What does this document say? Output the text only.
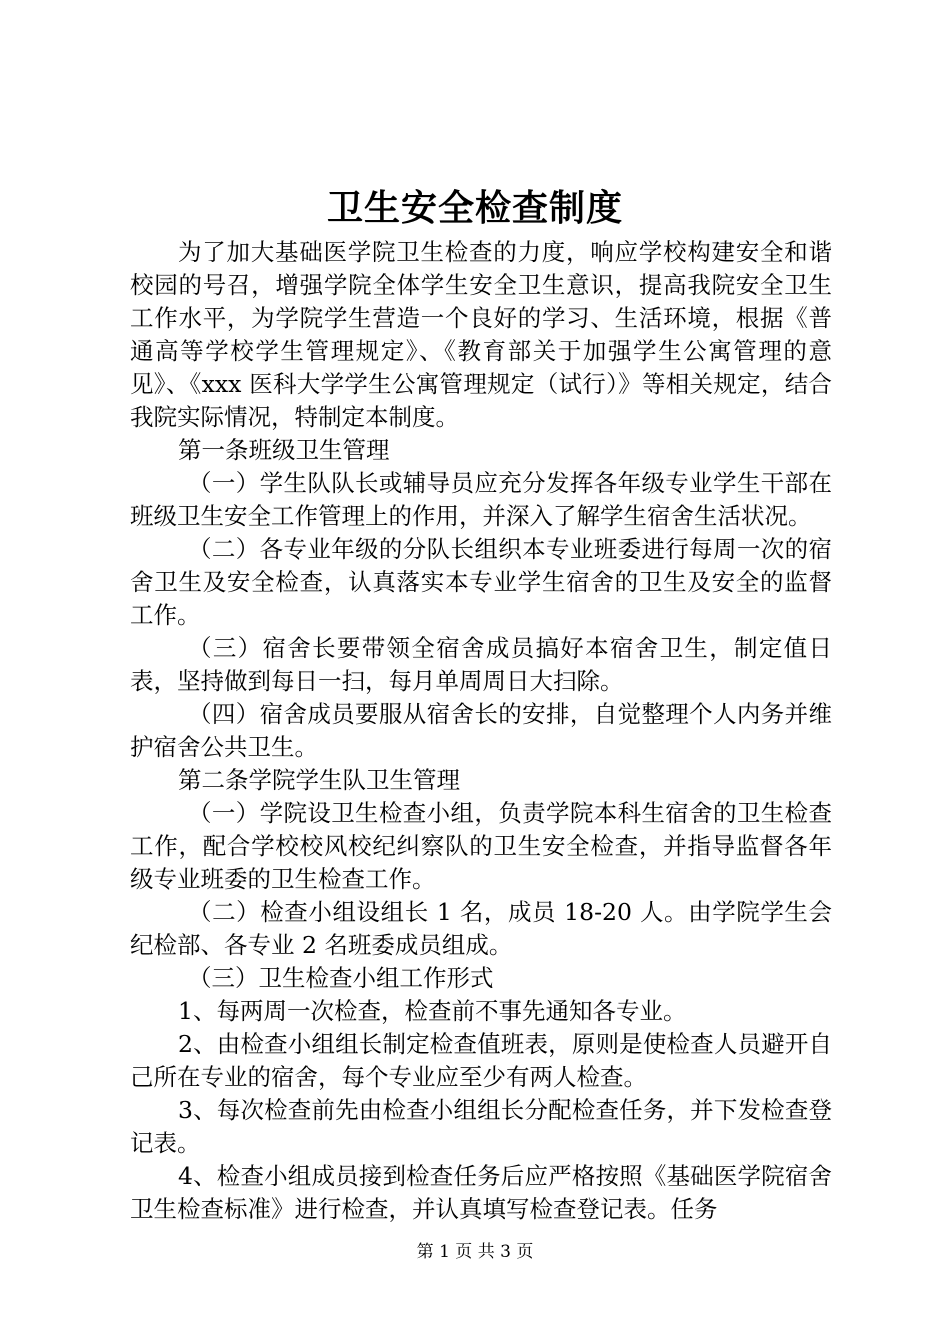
卫生安全检查制度

为了加大基础医学院卫生检查的力度，响应学校构建安全和谐校园的号召，增强学院全体学生安全卫生意识，提高我院安全卫生工作水平，为学院学生营造一个良好的学习、生活环境，根据《普通高等学校学生管理规定》、《教育部关于加强学生公寓管理的意见》、《xxx 医科大学学生公寓管理规定（试行）》等相关规定，结合我院实际情况，特制定本制度。

第一条班级卫生管理

（一）学生队队长或辅导员应充分发挥各年级专业学生干部在班级卫生安全工作管理上的作用，并深入了解学生宿舍生活状况。

（二）各专业年级的分队长组织本专业班委进行每周一次的宿舍卫生及安全检查，认真落实本专业学生宿舍的卫生及安全的监督工作。

（三）宿舍长要带领全宿舍成员搞好本宿舍卫生，制定值日表，坚持做到每日一扫，每月单周周日大扫除。

（四）宿舍成员要服从宿舍长的安排，自觉整理个人内务并维护宿舍公共卫生。

第二条学院学生队卫生管理

（一）学院设卫生检查小组，负责学院本科生宿舍的卫生检查工作，配合学校校风校纪纠察队的卫生安全检查，并指导监督各年级专业班委的卫生检查工作。

（二）检查小组设组长 1 名，成员 18-20 人。由学院学生会纪检部、各专业 2 名班委成员组成。

（三）卫生检查小组工作形式

1、每两周一次检查，检查前不事先通知各专业。

2、由检查小组组长制定检查值班表，原则是使检查人员避开自己所在专业的宿舍，每个专业应至少有两人检查。

3、每次检查前先由检查小组组长分配检查任务，并下发检查登记表。

4、检查小组成员接到检查任务后应严格按照《基础医学院宿舍卫生检查标准》进行检查，并认真填写检查登记表。任务

第 1 页 共 3 页
